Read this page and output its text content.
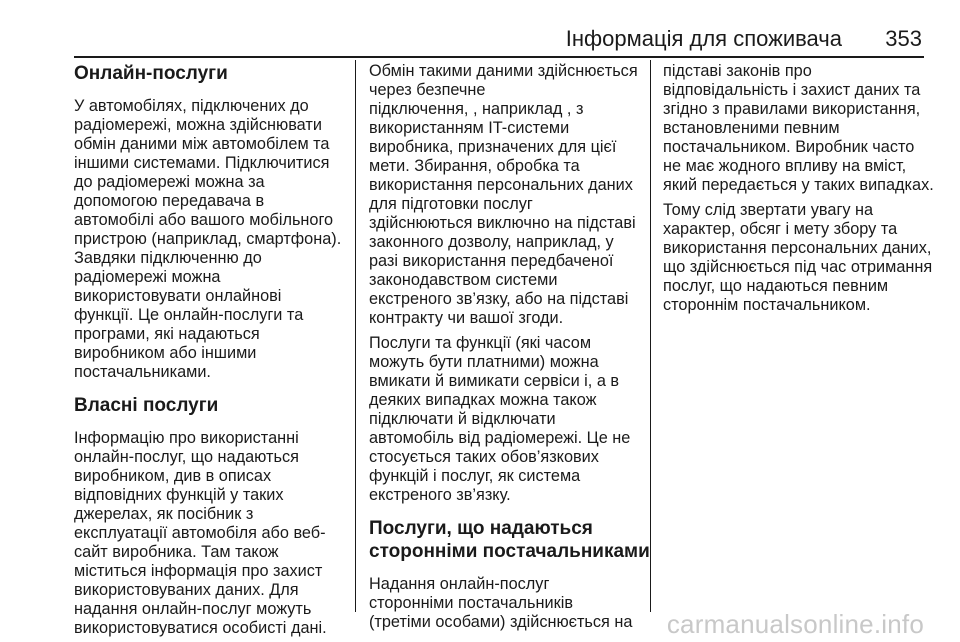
Інформація для споживача 353
Онлайн-послуги
У автомобілях, підключених до
радіомережі, можна здійснювати
обмін даними між автомобілем та
іншими системами. Підключитися
до радіомережі можна за
допомогою передавача в
автомобілі або вашого мобільного
пристрою (наприклад, смартфона).
Завдяки підключенню до
радіомережі можна
використовувати онлайнові
функції. Це онлайн-послуги та
програми, які надаються
виробником або іншими
постачальниками.
Власні послуги
Інформацію про використанні
онлайн-послуг, що надаються
виробником, див в описах
відповідних функцій у таких
джерелах, як посібник з
експлуатації автомобіля або веб-
сайт виробника. Там також
міститься інформація про захист
використовуваних даних. Для
надання онлайн-послуг можуть
використовуватися особисті дані.
Обмін такими даними здійснюється
через безпечне
підключення, , наприклад , з
використанням IT-системи
виробника, призначених для цієї
мети. Збирання, обробка та
використання персональних даних
для підготовки послуг
здійснюються виключно на підставі
законного дозволу, наприклад, у
разі використання передбаченої
законодавством системи
екстреного зв’язку, або на підставі
контракту чи вашої згоди.
Послуги та функції (які часом
можуть бути платними) можна
вмикати й вимикати сервіси і, а в
деяких випадках можна також
підключати й відключати
автомобіль від радіомережі. Це не
стосується таких обов’язкових
функцій і послуг, як система
екстреного зв’язку.
Послуги, що надаються
сторонніми постачальниками
Надання онлайн-послуг
сторонніми постачальників
(третіми особами) здійснюється на
підставі законів про
відповідальність і захист даних та
згідно з правилами використання,
встановленими певним
постачальником. Виробник часто
не має жодного впливу на вміст,
який передається у таких випадках.
Тому слід звертати увагу на
характер, обсяг і мету збору та
використання персональних даних,
що здійснюється під час отримання
послуг, що надаються певним
стороннім постачальником.
carmanualsonline.info
